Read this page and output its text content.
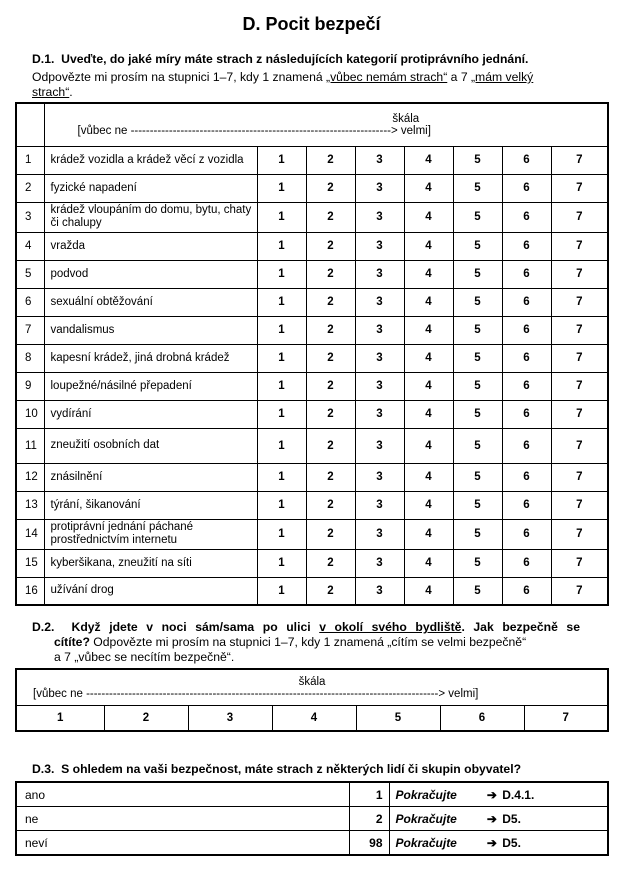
D. Pocit bezpečí
D.1. Uveďte, do jaké míry máte strach z následujících kategorií protiprávního jednání.
Odpovězte mi prosím na stupnici 1–7, kdy 1 znamená „vůbec nemám strach“ a 7 „mám velký
strach“.

	škála
[vůbec ne --------------------------------------------------------------------> velmi]							

1	krádež vozidla a krádež věcí z vozidla	1	2	3	4	5	6	7
2	fyzické napadení	1	2	3	4	5	6	7
3	krádež vloupáním do domu, bytu, chaty či chalupy	1	2	3	4	5	6	7
4	vražda	1	2	3	4	5	6	7
5	podvod	1	2	3	4	5	6	7
6	sexuální obtěžování	1	2	3	4	5	6	7
7	vandalismus	1	2	3	4	5	6	7
8	kapesní krádež, jiná drobná krádež	1	2	3	4	5	6	7
9	loupežné/násilné přepadení	1	2	3	4	5	6	7
10	vydírání	1	2	3	4	5	6	7
11	zneužití osobních dat	1	2	3	4	5	6	7
12	znásilnění	1	2	3	4	5	6	7
13	týrání, šikanování	1	2	3	4	5	6	7
14	protiprávní jednání páchané prostřednictvím internetu	1	2	3	4	5	6	7
15	kyberšikana, zneužití na síti	1	2	3	4	5	6	7
16	užívání drog	1	2	3	4	5	6	7
D.2. Když jdete v noci sám/sama po ulici v okolí svého bydliště. Jak bezpečně se
cítíte? Odpovězte mi prosím na stupnici 1–7, kdy 1 znamená „cítím se velmi bezpečně“
a 7 „vůbec se necítím bezpečně“.
škála
[vůbec ne --------------------------------------------------------------------------------------------> velmi]

1	2	3	4	5	6	7
D.3. S ohledem na vaši bezpečnost, máte strach z některých lidí či skupin obyvatel?
ano	1	Pokračujte ➔ D.4.1.
ne	2	Pokračujte ➔ D5.
neví	98	Pokračujte ➔ D5.
